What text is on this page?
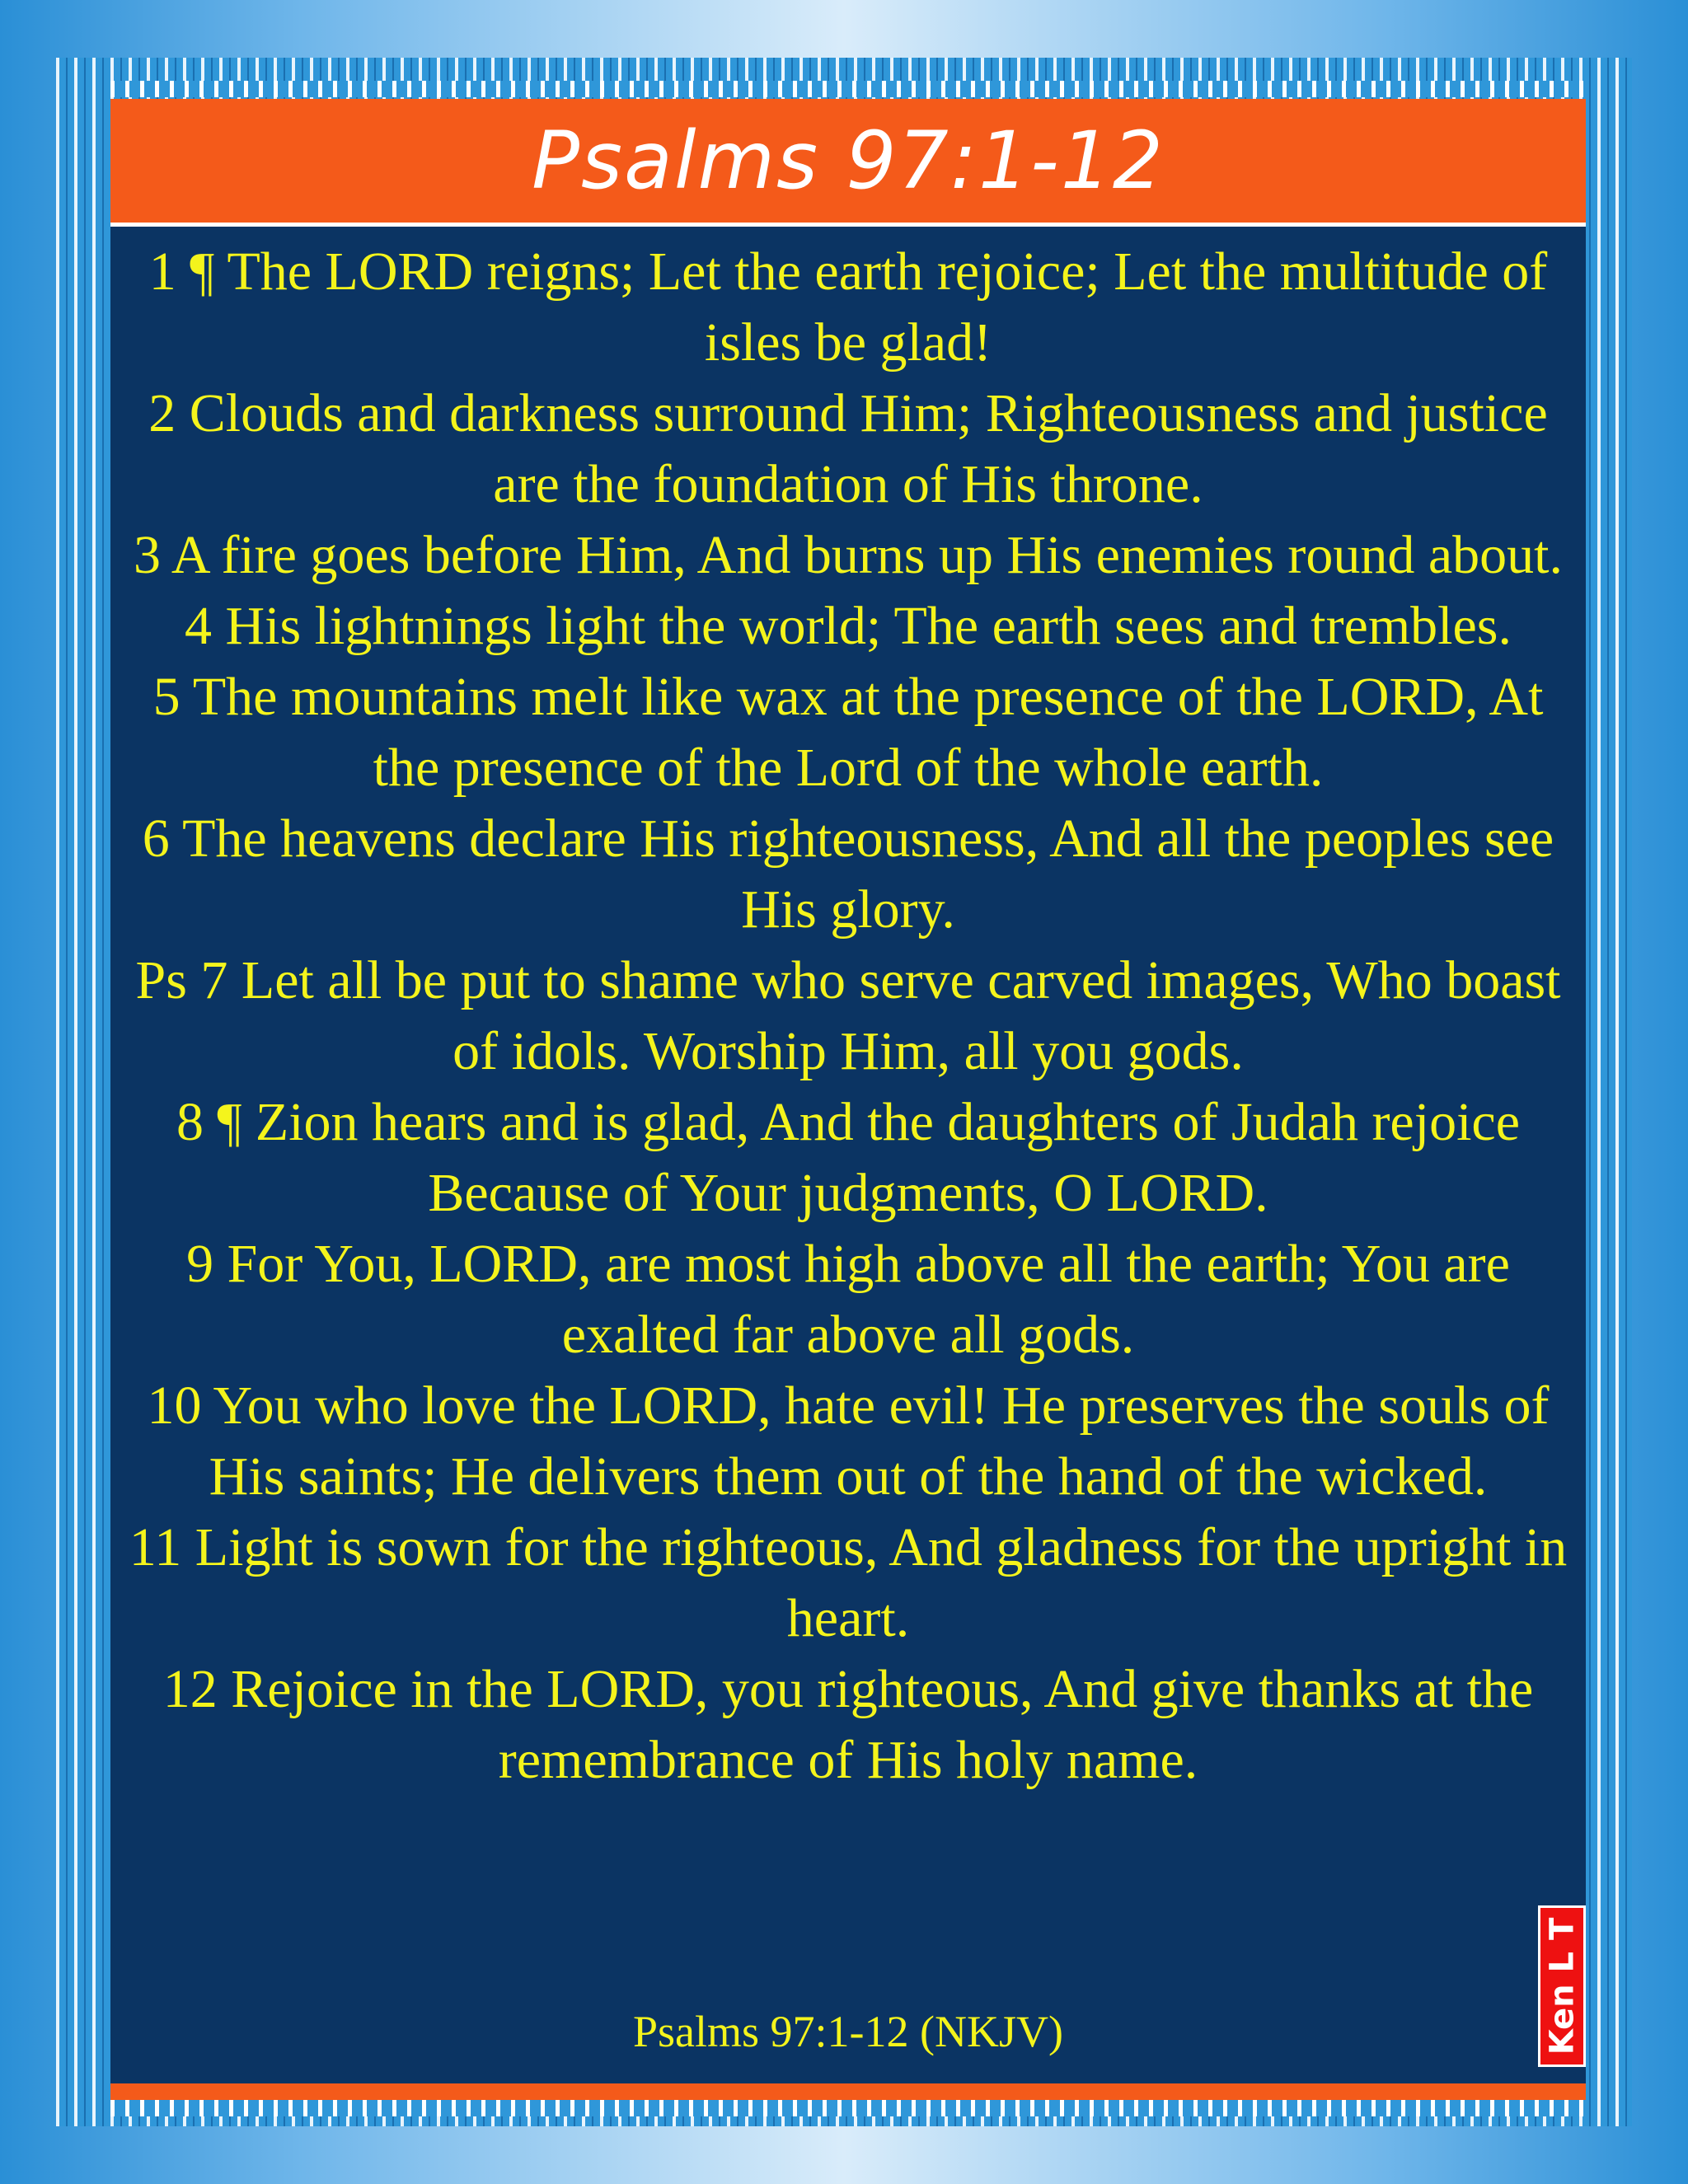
Psalms 97:1-12
1 ¶ The LORD reigns; Let the earth rejoice; Let the multitude of isles be glad!
2 Clouds and darkness surround Him; Righteousness and justice are the foundation of His throne.
3 A fire goes before Him, And burns up His enemies round about.
4 His lightnings light the world; The earth sees and trembles.
5 The mountains melt like wax at the presence of the LORD, At the presence of the Lord of the whole earth.
6 The heavens declare His righteousness, And all the peoples see His glory.
Ps 7 Let all be put to shame who serve carved images, Who boast of idols. Worship Him, all you gods.
8 ¶ Zion hears and is glad, And the daughters of Judah rejoice Because of Your judgments, O LORD.
9 For You, LORD, are most high above all the earth; You are exalted far above all gods.
10 You who love the LORD, hate evil! He preserves the souls of His saints; He delivers them out of the hand of the wicked.
11 Light is sown for the righteous, And gladness for the upright in heart.
12 Rejoice in the LORD, you righteous, And give thanks at the remembrance of His holy name.
Psalms 97:1-12 (NKJV)	Ken L T
